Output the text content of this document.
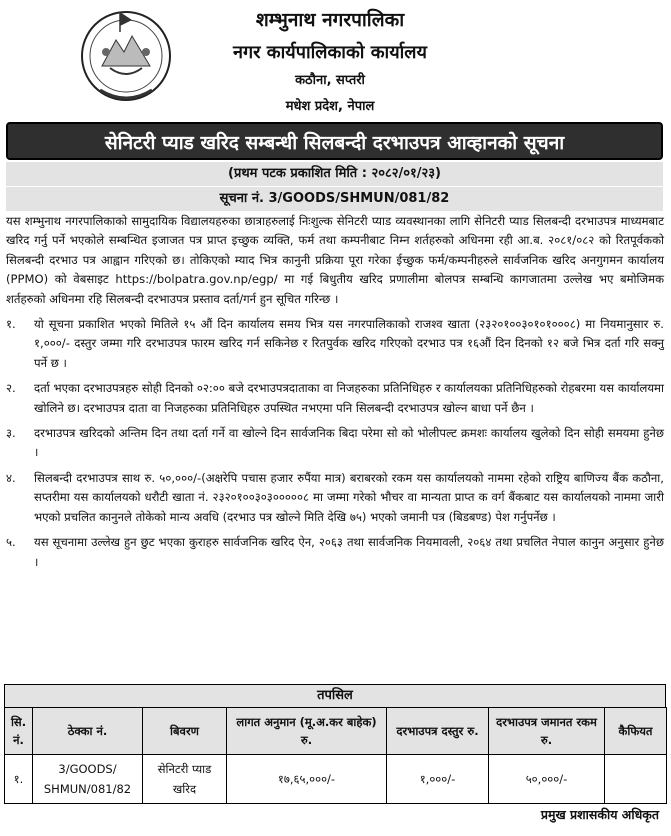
शम्भुनाथ नगरपालिका
नगर कार्यपालिकाको कार्यालय
कठौना, सप्तरी
मधेश प्रदेश, नेपाल
सेनिटरी प्याड खरिद सम्बन्धी सिलबन्दी दरभाउपत्र आव्हानको सूचना
(प्रथम पटक प्रकाशित मिति : २०८२/०१/२३)
सूचना नं. 3/GOODS/SHMUN/081/82

यस शम्भुनाथ नगरपालिकाको सामुदायिक विद्यालयहरुका छात्राहरुलाई निःशुल्क सेनिटरी प्याड व्यवस्थानका लागि सेनिटरी प्याड सिलबन्दी दरभाउपत्र माध्यमबाट खरिद गर्नु पर्ने भएकोले सम्बन्धित इजाजत पत्र प्राप्त इच्छुक व्यक्ति, फर्म तथा कम्पनीबाट निम्न शर्तहरुको अधिनमा रही आ.ब. २०८१/०८२ को रितपूर्वकको सिलबन्दी दरभाउ पत्र आह्वान गरिएको छ। तोकिएको म्याद भित्र कानुनी प्रक्रिया पूरा गरेका ईच्छुक फर्म/कम्पनीहरुले सार्वजनिक खरिद अनगुगमन कार्यालय (PPMO) को वेबसाइट https://bolpatra.gov.np/egp/ मा गई बिधुतीय खरिद प्रणालीमा बोलपत्र सम्बन्धि कागजातमा उल्लेख भए बमोजिमक शर्तहरुको अधिनमा रहि सिलबन्दी दरभाउपत्र प्रस्ताव दर्ता/गर्न हुन सूचित गरिन्छ ।

१.	यो सूचना प्रकाशित भएको मितिले १५ औं दिन कार्यालय समय भित्र यस नगरपालिकाको राजश्व खाता (२३२०१००३०१०१०००८) मा नियमानुसार रु. १,०००/- दस्तुर जम्मा गरि दरभाउपत्र फारम खरिद गर्न सकिनेछ र रितपुर्वक खरिद गरिएको दरभाउ पत्र १६औं दिन दिनको १२ बजे भित्र दर्ता गरि सक्नु पर्ने छ ।
२.	दर्ता भएका दरभाउपत्रहरु सोही दिनको ०२:०० बजे दरभाउपत्रदाताका वा निजहरुका प्रतिनिधिहरु र कार्यालयका प्रतिनिधिहरुको रोहबरमा यस कार्यालयमा खोलिने छ। दरभाउपत्र दाता वा निजहरुका प्रतिनिधिहरु उपस्थित नभएमा पनि सिलबन्दी दरभाउपत्र खोल्न बाधा पर्ने छैन ।
३.	दरभाउपत्र खरिदको अन्तिम दिन तथा दर्ता गर्ने वा खोल्ने दिन सार्वजनिक बिदा परेमा सो को भोलीपल्ट क्रमशः कार्यालय खुलेको दिन सोही समयमा हुनेछ ।
४.	सिलबन्दी दरभाउपत्र साथ रु. ५०,०००/-(अक्षरेपि पचास हजार रुपैंया मात्र) बराबरको रकम यस कार्यालयको नाममा रहेको राष्ट्रिय बाणिज्य बैंक कठौना, सप्तरीमा यस कार्यालयको धरौटी खाता नं. २३२०१००३०३०००००८ मा जम्मा गरेको भौचर वा मान्यता प्राप्त क वर्ग बैंकबाट यस कार्यालयको नाममा जारी भएको प्रचलित कानुनले तोकेको मान्य अवधि (दरभाउ पत्र खोल्ने मिति देखि ७५) भएको जमानी पत्र (बिडबण्ड) पेश गर्नुपर्नेछ ।
५.	यस सूचनामा उल्लेख हुन छुट भएका कुराहरु सार्वजनिक खरिद ऐन, २०६३ तथा सार्वजनिक नियमावली, २०६४ तथा प्रचलित नेपाल कानुन अनुसार हुनेछ ।
तपसिल
सि. नं.	ठेक्का नं.	बिवरण	लागत अनुमान (मू.अ.कर बाहेक) रु.	दरभाउपत्र दस्तुर रु.	दरभाउपत्र जमानत रकम रु.	कैफियत
१.	3/GOODS/ SHMUN/081/82	सेनिटरी प्याड खरिद	१७,६५,०००/-	१,०००/-	५०,०००/-	
प्रमुख प्रशासकीय अधिकृत
